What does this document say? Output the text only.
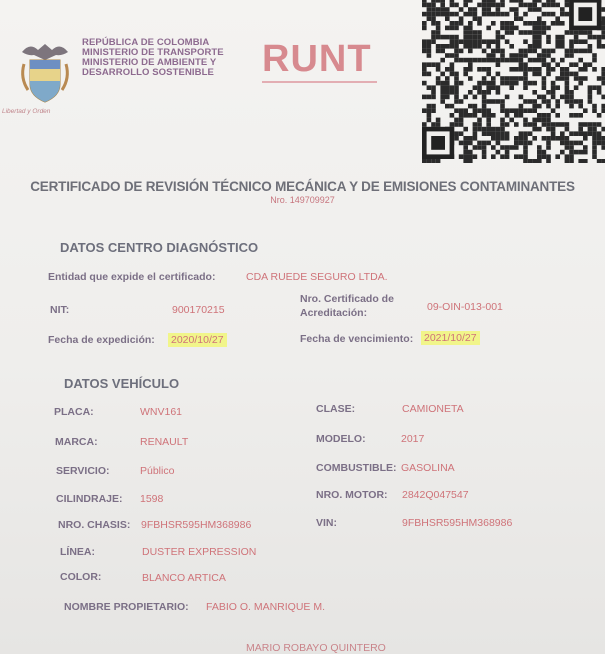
Libertad y Orden
REPÚBLICA DE COLOMBIA
MINISTERIO DE TRANSPORTE
MINISTERIO DE AMBIENTE Y
DESARROLLO SOSTENIBLE RUNT
CERTIFICADO DE REVISIÓN TÉCNICO MECÁNICA Y DE EMISIONES CONTAMINANTES
Nro. 149709927
DATOS CENTRO DIAGNÓSTICO
Entidad que expide el certificado:	CDA RUEDE SEGURO LTDA.
NIT:	900170215
Nro. Certificado de
Acreditación:	09-OIN-013-001
Fecha de expedición: 2020/10/27	Fecha de vencimiento: 2021/10/27
DATOS VEHÍCULO
PLACA:	WNV161	CLASE:	CAMIONETA
MARCA:	RENAULT	MODELO:	2017
SERVICIO:	Público	COMBUSTIBLE: GASOLINA
CILINDRAJE: 1598	NRO. MOTOR: 2842Q047547
NRO. CHASIS: 9FBHSR595HM368986	VIN:	9FBHSR595HM368986
LÍNEA:	DUSTER EXPRESSION
COLOR:	BLANCO ARTICA
NOMBRE PROPIETARIO: FABIO O. MANRIQUE M.
MARIO ROBAYO QUINTERO
